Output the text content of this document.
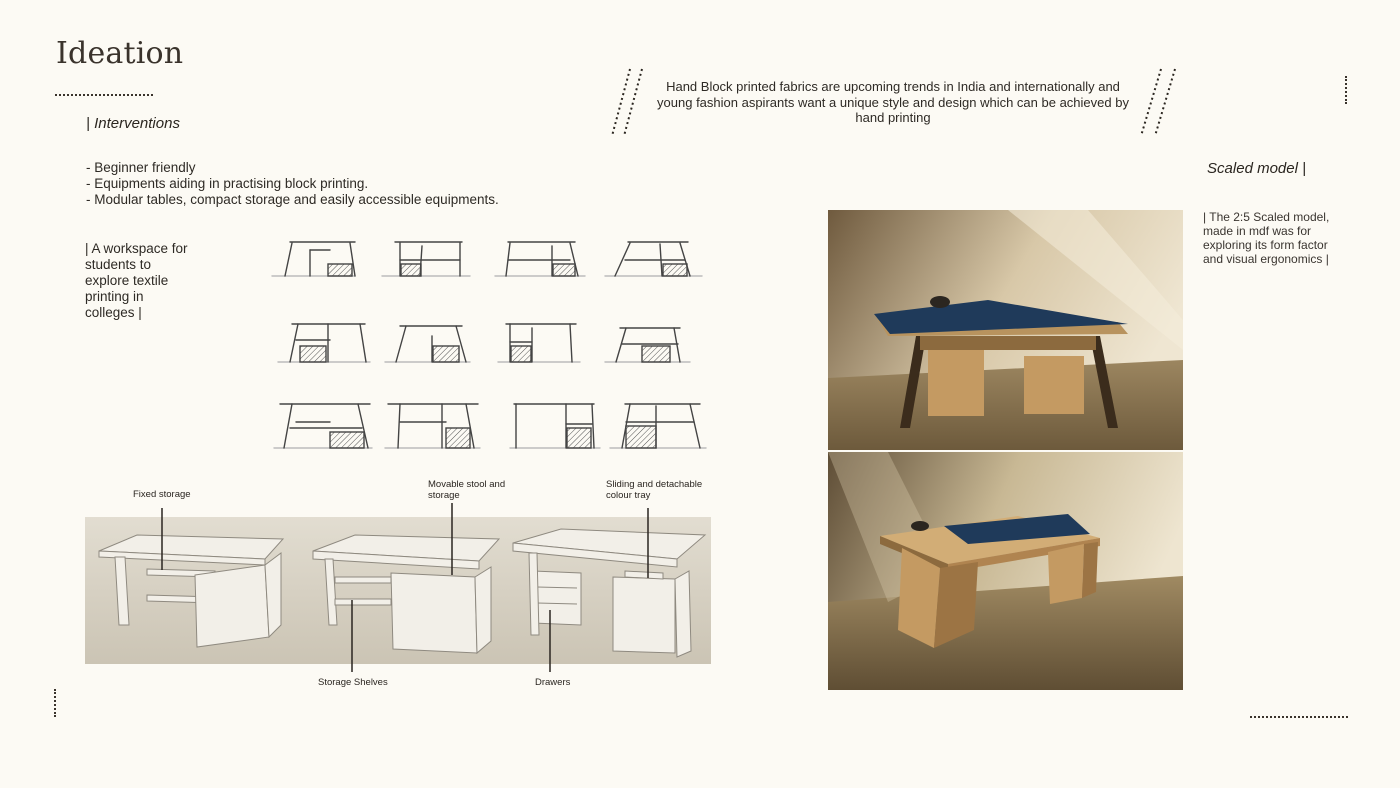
Ideation
| Interventions
- Beginner friendly
- Equipments aiding in practising block printing.
- Modular tables, compact storage and easily accessible equipments.
| A workspace for students to explore textile printing in colleges |
Hand Block printed fabrics are upcoming trends in India and internationally and young fashion aspirants want a unique style and design which can be achieved by hand printing
Fixed storage
Movable stool and storage
Sliding and detachable colour tray
Storage Shelves	Drawers
Scaled model |
| The 2:5 Scaled model, made in mdf was for exploring its form factor and visual ergonomics |
